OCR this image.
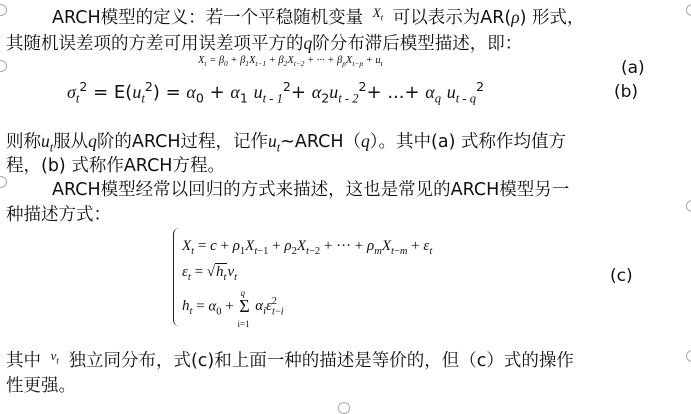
ARCH模型的定义：若一个平稳随机变量 $^{X_t}$ 可以表示为AR(ρ) 形式，
其随机误差项的方差可用误差项平方的q阶分布滞后模型描述，即：
$X_t = \beta_0 + \beta_1X_{t-1} + \beta_2X_{t-2}$ + ··· + $\beta_pX_{t-p} + u_t$	(a)
$\sigma_t^2 = E(u_t^2) = \alpha_0 + \alpha_1$ $u_{t - 1}^2+ \alpha_2u_{t - 2}^2+$ ...+ $\alpha_q$ $u_{t - q}^2$	(b)
则称$u_t$服从q阶的ARCH过程，记作$u_t\sim ARCH(q)$。其中(a) 式称作均值方
程，(b) 式称作ARCH方程。
ARCH模型经常以回归的方式来描述，这也是常见的ARCH模型另一
种描述方式：
$X_t = c + \rho_1X_{t-1} + \rho_2X_{t-2}$ + ··· + $\rho_mX_{t-m} + \varepsilon_t$
$\varepsilon_t = √h_tv_t$
$h_t = \alpha_0$ +
q
Σ
i=1
$\alpha_i\varepsilon_{t-i}^2$
(c)
其中 $^{v_t}$ 独立同分布，式(c)和上面一种的描述是等价的，但（c）式的操作
性更强。
